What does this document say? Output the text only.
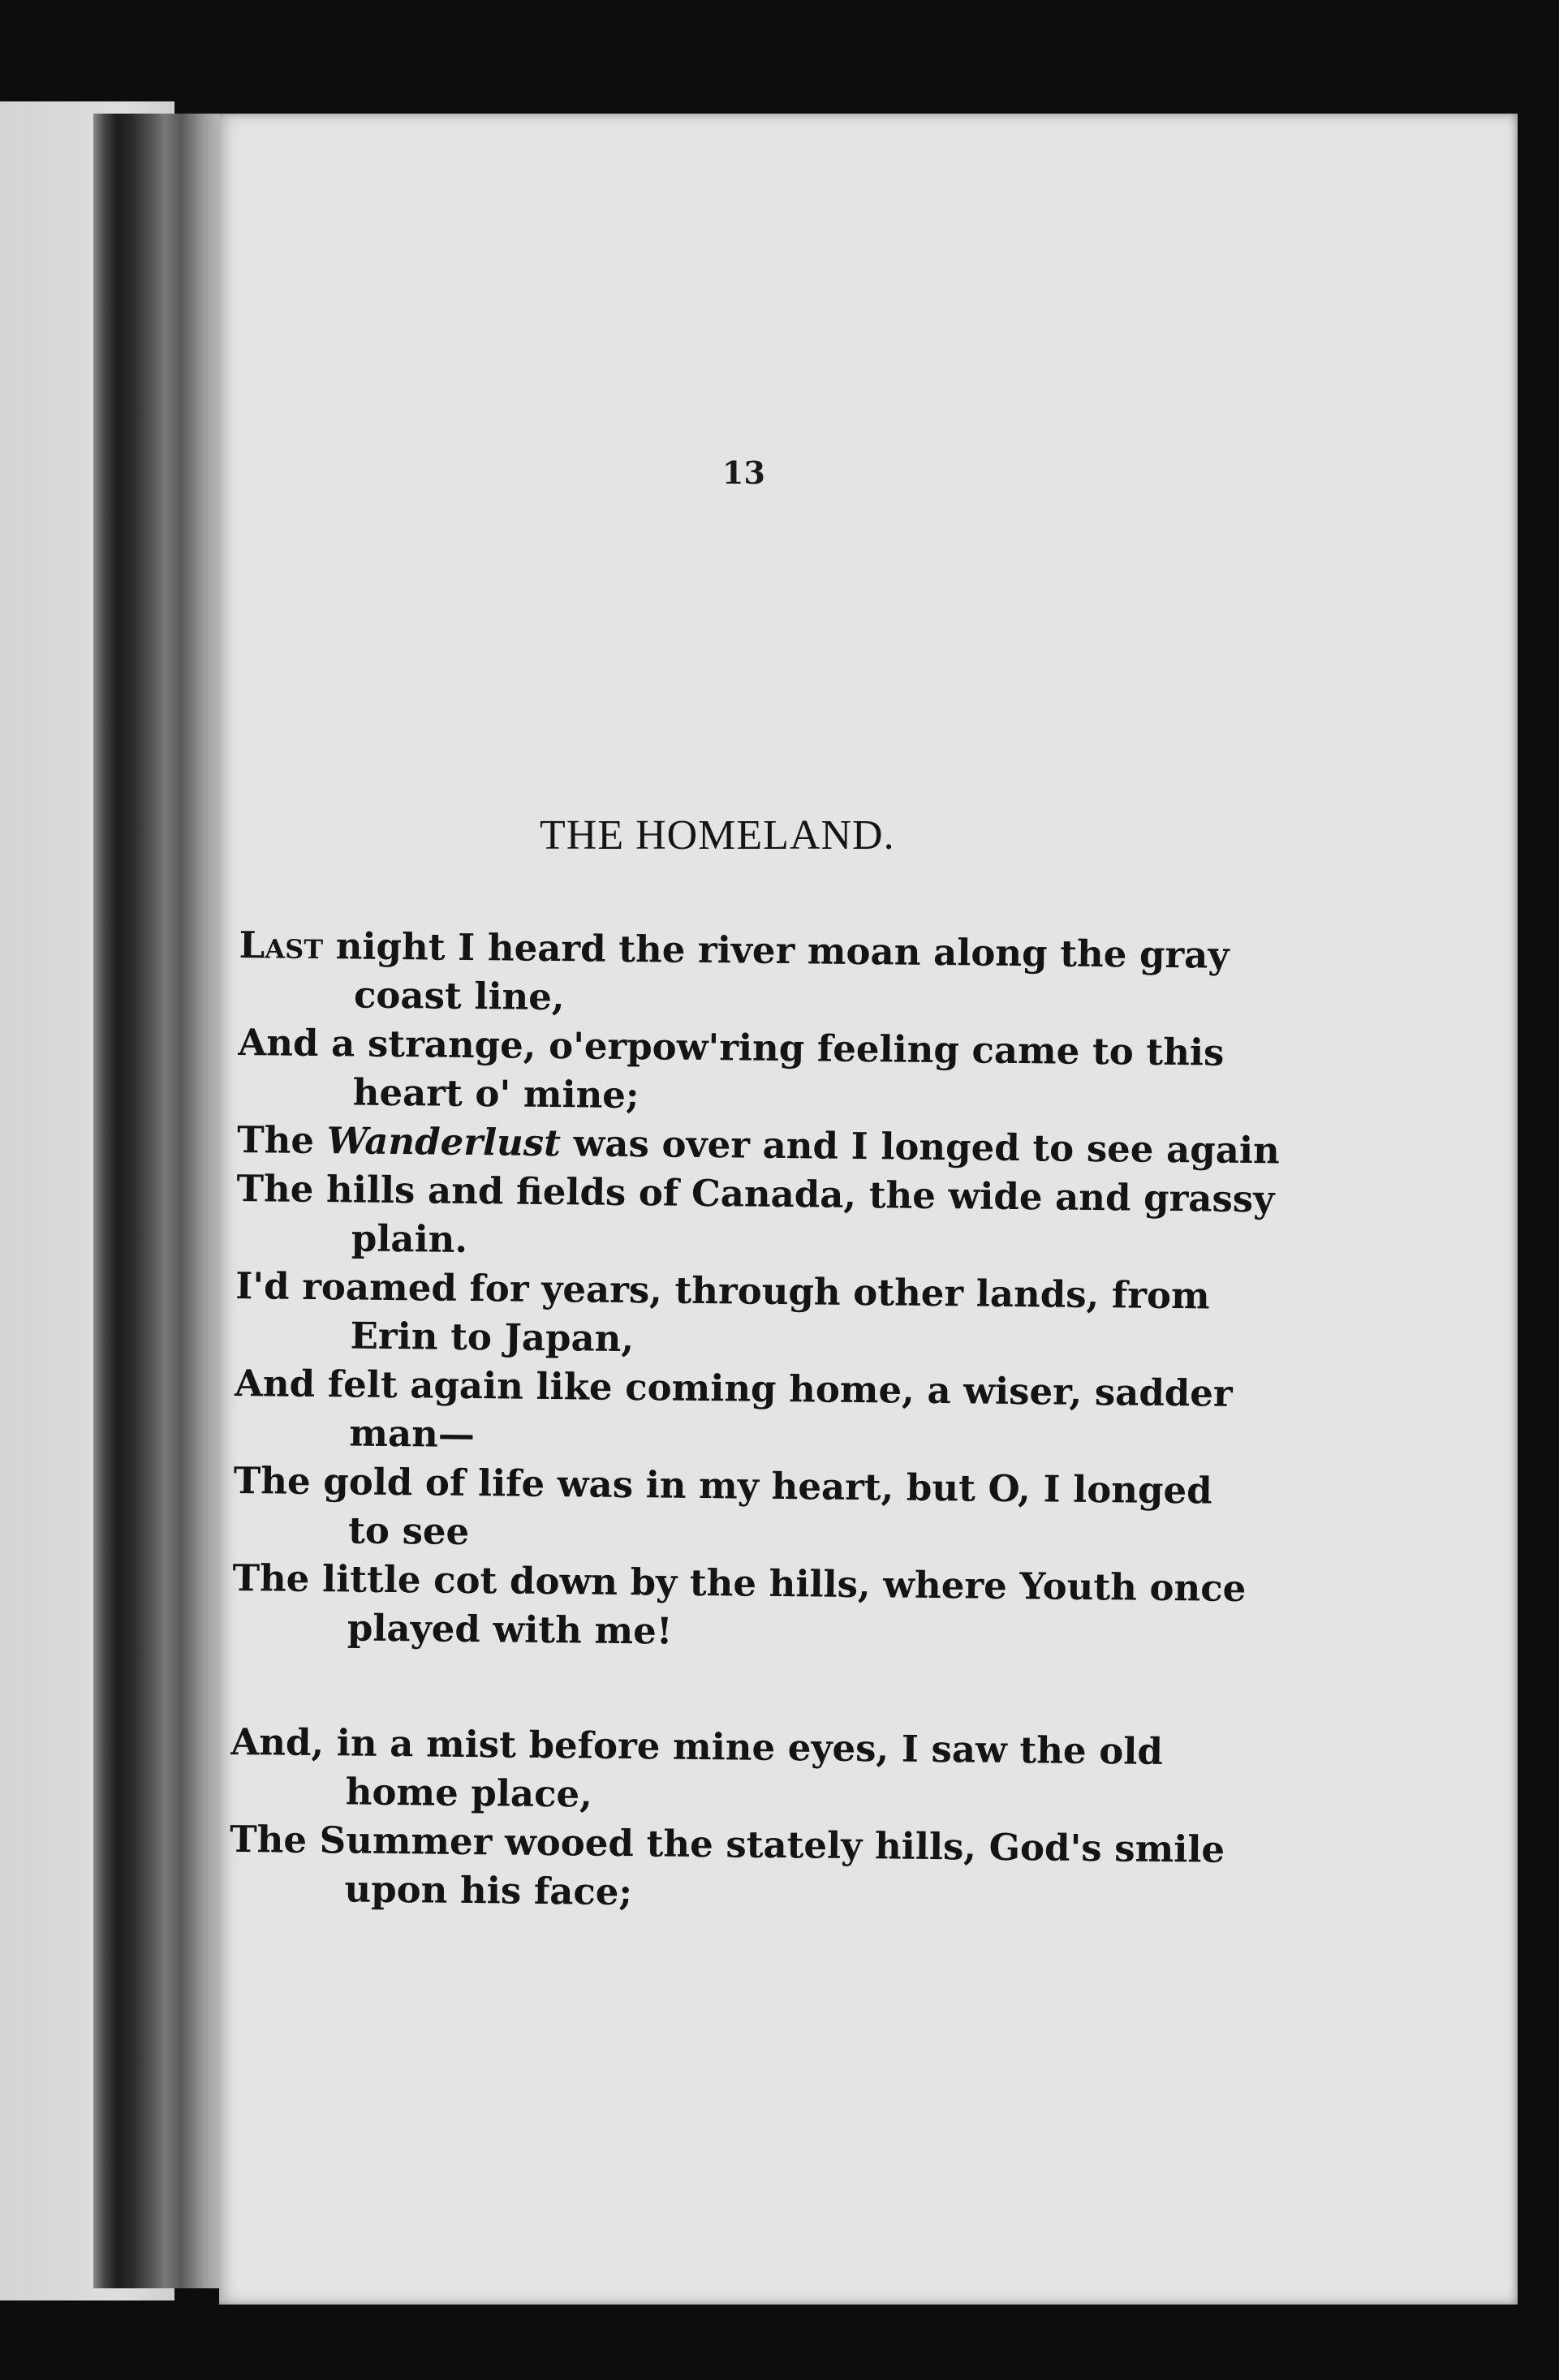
13
THE HOMELAND.
Last night I heard the river moan along the gray
coast line,
And a strange, o'erpow'ring feeling came to this
heart o' mine;
The Wanderlust was over and I longed to see again
The hills and fields of Canada, the wide and grassy
plain.
I'd roamed for years, through other lands, from
Erin to Japan,
And felt again like coming home, a wiser, sadder
man—
The gold of life was in my heart, but O, I longed
to see
The little cot down by the hills, where Youth once
played with me!
And, in a mist before mine eyes, I saw the old
home place,
The Summer wooed the stately hills, God's smile
upon his face;
